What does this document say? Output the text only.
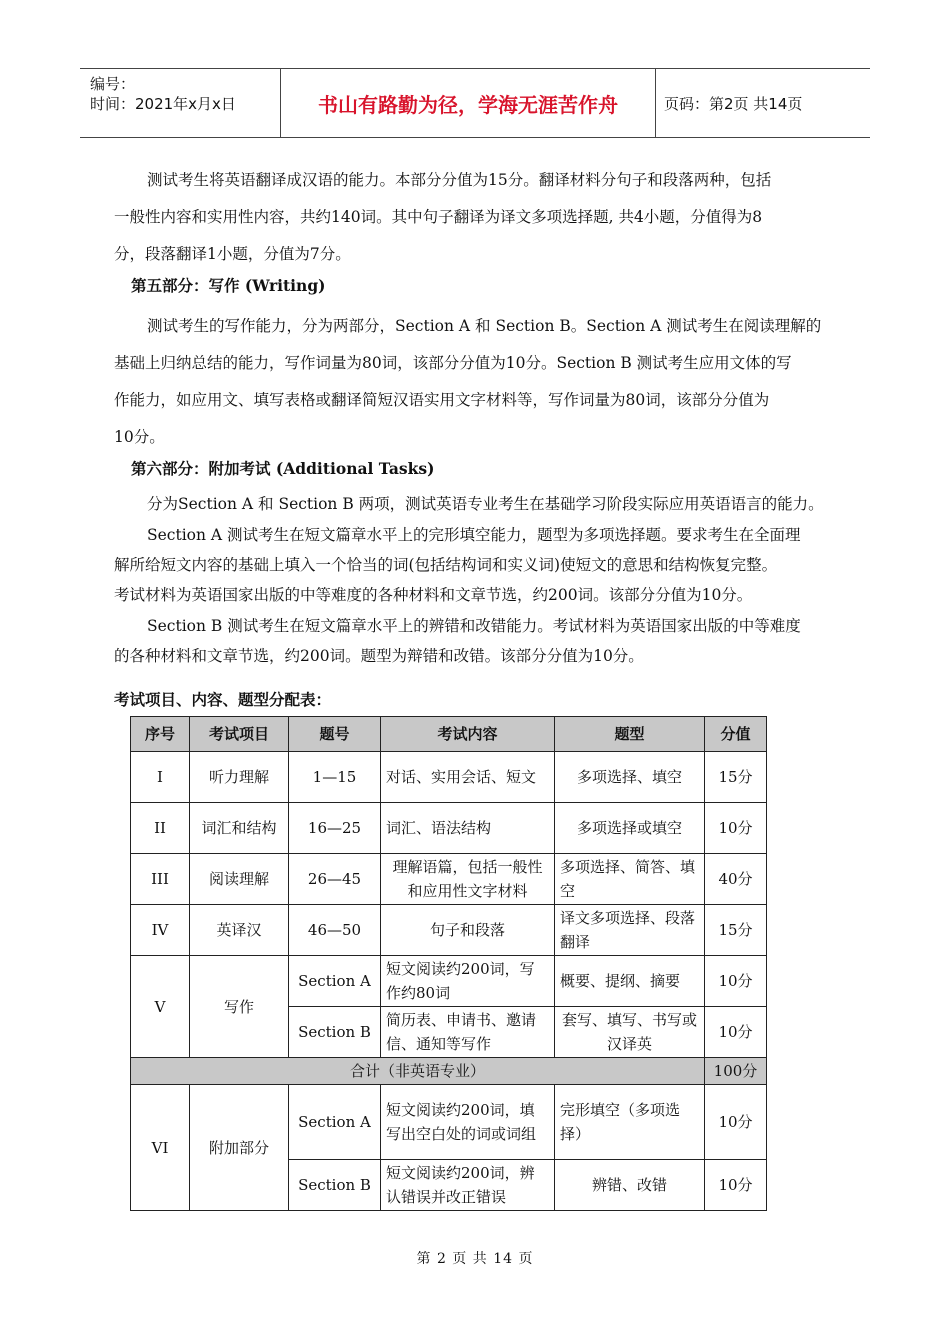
编号：
时间：2021年x月x日	书山有路勤为径，学海无涯苦作舟	页码：第2页 共14页
测试考生将英语翻译成汉语的能力。本部分分值为15分。翻译材料分句子和段落两种，包括
一般性内容和实用性内容，共约140词。其中句子翻译为译文多项选择题, 共4小题，分值得为8
分，段落翻译1小题，分值为7分。
第五部分：写作 (Writing)
测试考生的写作能力，分为两部分，Section A 和 Section B。Section A 测试考生在阅读理解的
基础上归纳总结的能力，写作词量为80词，该部分分值为10分。Section B 测试考生应用文体的写
作能力，如应用文、填写表格或翻译简短汉语实用文字材料等，写作词量为80词，该部分分值为
10分。
第六部分：附加考试 (Additional Tasks)
分为Section A 和 Section B 两项，测试英语专业考生在基础学习阶段实际应用英语语言的能力。
Section A 测试考生在短文篇章水平上的完形填空能力，题型为多项选择题。要求考生在全面理
解所给短文内容的基础上填入一个恰当的词(包括结构词和实义词)使短文的意思和结构恢复完整。
考试材料为英语国家出版的中等难度的各种材料和文章节选，约200词。该部分分值为10分。
Section B 测试考生在短文篇章水平上的辨错和改错能力。考试材料为英语国家出版的中等难度
的各种材料和文章节选，约200词。题型为辩错和改错。该部分分值为10分。
考试项目、内容、题型分配表：
序号	考试项目	题号	考试内容	题型	分值
I	听力理解	1—15	对话、实用会话、短文	多项选择、填空	15分
II	词汇和结构	16—25	词汇、语法结构	多项选择或填空	10分
III	阅读理解	26—45	理解语篇，包括一般性和应用性文字材料	多项选择、简答、填空	40分
IV	英译汉	46—50	句子和段落	译文多项选择、段落翻译	15分
V	写作	Section A	短文阅读约200词，写作约80词	概要、提纲、摘要	10分
		Section B	简历表、申请书、邀请信、通知等写作	套写、填写、书写或汉译英	10分
合计（非英语专业）					100分
VI	附加部分	Section A	短文阅读约200词，填写出空白处的词或词组	完形填空（多项选择）	10分
		Section B	短文阅读约200词，辨认错误并改正错误	辨错、改错	10分
第 2 页 共 14 页
